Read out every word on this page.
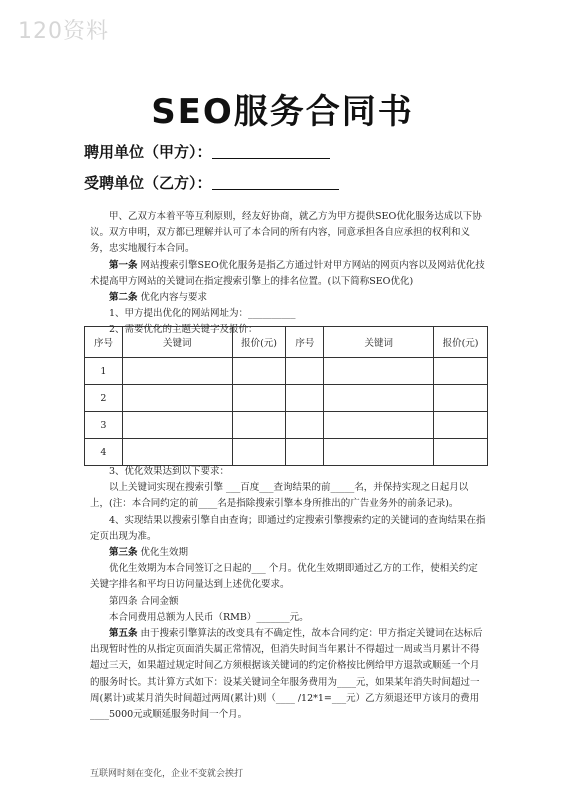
120资料
SEO服务合同书
聘用单位（甲方）：
受聘单位（乙方）：

甲、乙双方本着平等互利原则，经友好协商，就乙方为甲方提供SEO优化服务达成以下协议。双方申明，双方都已理解并认可了本合同的所有内容，同意承担各自应承担的权利和义务，忠实地履行本合同。

第一条 网站搜索引擎SEO优化服务是指乙方通过针对甲方网站的网页内容以及网站优化技术提高甲方网站的关键词在指定搜索引擎上的排名位置。(以下简称SEO优化)

第二条 优化内容与要求

1、甲方提出优化的网站网址为：__________

2、需要优化的主题关键字及报价：

序号	关键词	报价(元)	序号	关键词	报价(元)
1					
2					
3					
4					

3、优化效果达到以下要求：

以上关键词实现在搜索引擎 ___百度___查询结果的前_____名，并保持实现之日起月以上，(注：本合同约定的前____名是指除搜索引擎本身所推出的广告业务外的前条记录)。

4、实现结果以搜索引擎自由查询；即通过约定搜索引擎搜索约定的关键词的查询结果在指定页出现为准。

第三条 优化生效期

优化生效期为本合同签订之日起的___ 个月。优化生效期即通过乙方的工作，使相关约定关键字排名和平均日访问量达到上述优化要求。

第四条 合同金额

本合同费用总额为人民币（RMB）_______元。

第五条 由于搜索引擎算法的改变具有不确定性，故本合同约定：甲方指定关键词在达标后出现暂时性的从指定页面消失属正常情况，但消失时间当年累计不得超过一周或当月累计不得超过三天，如果超过规定时间乙方须根据该关键词的约定价格按比例给甲方退款或顺延一个月的服务时长。其计算方式如下：设某关键词全年服务费用为____元，如果某年消失时间超过一周(累计)或某月消失时间超过两周(累计)则（____ /12*1=___元）乙方须退还甲方该月的费用____5000元或顺延服务时间一个月。

互联网时刻在变化，企业不变就会挨打
